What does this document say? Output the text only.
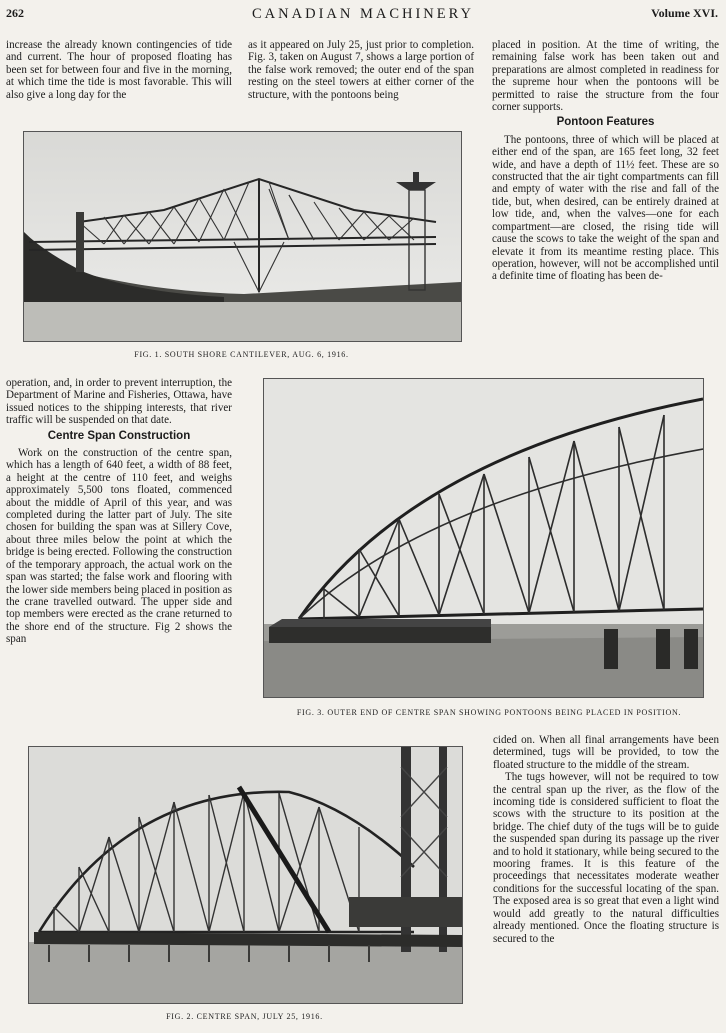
262	CANADIAN MACHINERY	Volume XVI.

increase the already known contingencies of tide and current. The hour of proposed floating has been set for between four and five in the morning, at which time the tide is most favorable. This will also give a long day for the

as it appeared on July 25, just prior to completion. Fig. 3, taken on August 7, shows a large portion of the false work removed; the outer end of the span resting on the steel towers at either corner of the structure, with the pontoons being

placed in position. At the time of writing, the remaining false work has been taken out and preparations are almost completed in readiness for the supreme hour when the pontoons will be permitted to raise the structure from the four corner supports.

Pontoon Features

The pontoons, three of which will be placed at either end of the span, are 165 feet long, 32 feet wide, and have a depth of 11½ feet. These are so constructed that the air tight compartments can fill and empty of water with the rise and fall of the tide, but, when desired, can be entirely drained at low tide, and, when the valves—one for each compartment—are closed, the rising tide will cause the scows to take the weight of the span and elevate it from its meantime resting place. This operation, however, will not be accomplished until a definite time of floating has been de-

FIG. 1. SOUTH SHORE CANTILEVER, AUG. 6, 1916.

operation, and, in order to prevent interruption, the Department of Marine and Fisheries, Ottawa, have issued notices to the shipping interests, that river traffic will be suspended on that date.

Centre Span Construction

Work on the construction of the centre span, which has a length of 640 feet, a width of 88 feet, a height at the centre of 110 feet, and weighs approximately 5,500 tons floated, commenced about the middle of April of this year, and was completed during the latter part of July. The site chosen for building the span was at Sillery Cove, about three miles below the point at which the bridge is being erected. Following the construction of the temporary approach, the actual work on the span was started; the false work and flooring with the lower side members being placed in position as the crane travelled outward. The upper side and top members were erected as the crane returned to the shore end of the structure. Fig 2 shows the span

FIG. 3. OUTER END OF CENTRE SPAN SHOWING PONTOONS BEING PLACED IN POSITION.
FIG. 2. CENTRE SPAN, JULY 25, 1916.

cided on. When all final arrangements have been determined, tugs will be provided, to tow the floated structure to the middle of the stream.

The tugs however, will not be required to tow the central span up the river, as the flow of the incoming tide is considered sufficient to float the scows with the structure to its position at the bridge. The chief duty of the tugs will be to guide the suspended span during its passage up the river and to hold it stationary, while being secured to the mooring frames. It is this feature of the proceedings that necessitates moderate weather conditions for the successful locating of the span. The exposed area is so great that even a light wind would add greatly to the natural difficulties already mentioned. Once the floating structure is secured to the
